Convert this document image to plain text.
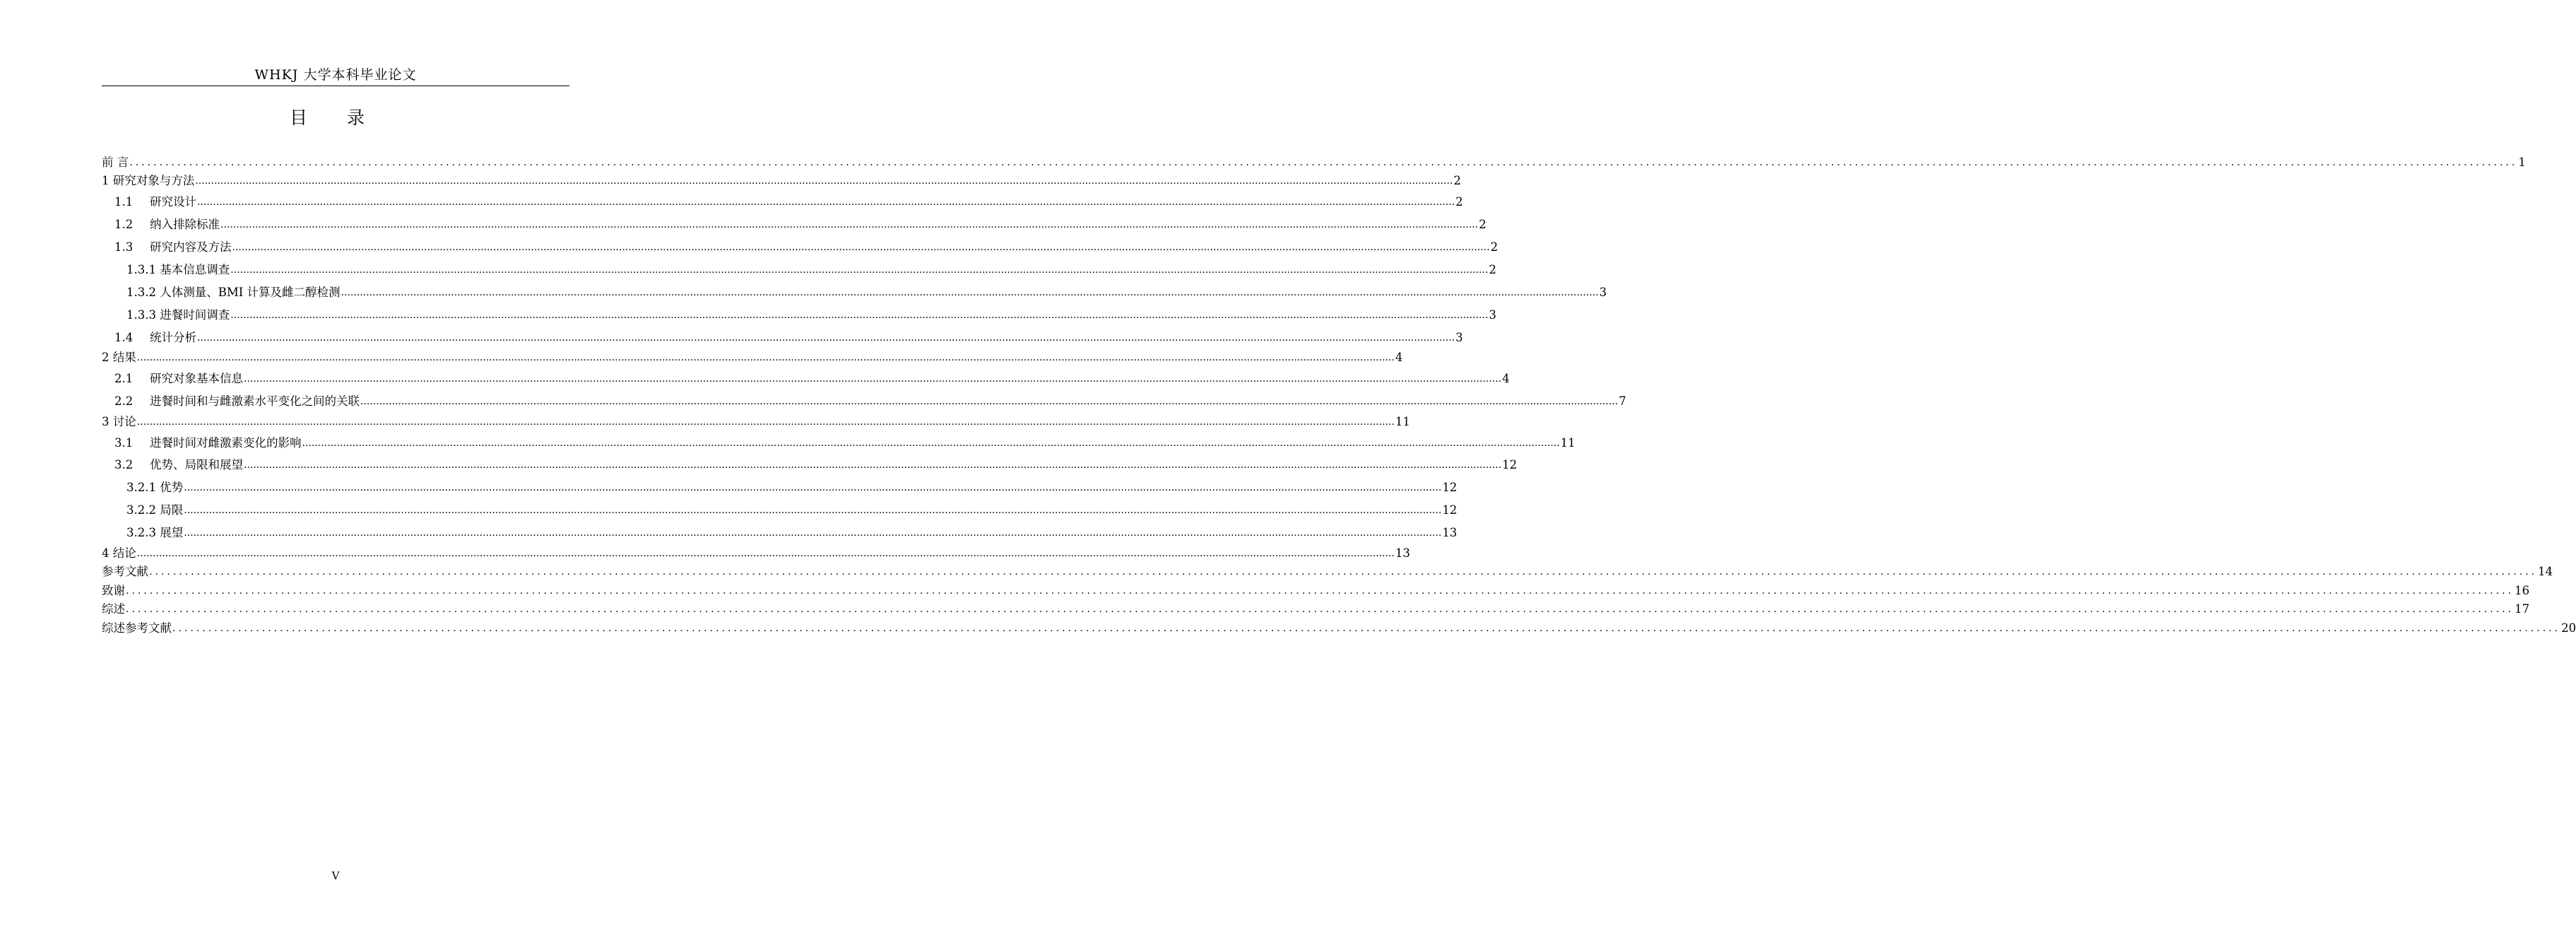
WHKJ 大学本科毕业论文
目 录
前 言 ................................................................................................................................................................................................................................................................................................................................................................................................................ 1
1 研究对象与方法 ................................................................................................................................................................................................................................................................................................................................................................................................................ 2
1.1 研究设计 ................................................................................................................................................................................................................................................................................................................................................................................................................ 2
1.2 纳入排除标准 ................................................................................................................................................................................................................................................................................................................................................................................................................ 2
1.3 研究内容及方法 ................................................................................................................................................................................................................................................................................................................................................................................................................ 2
1.3.1 基本信息调查 ................................................................................................................................................................................................................................................................................................................................................................................................................ 2
1.3.2 人体测量、BMI 计算及雌二醇检测 ................................................................................................................................................................................................................................................................................................................................................................................................................ 3
1.3.3 进餐时间调查 ................................................................................................................................................................................................................................................................................................................................................................................................................ 3
1.4 统计分析 ................................................................................................................................................................................................................................................................................................................................................................................................................ 3
2 结果 ................................................................................................................................................................................................................................................................................................................................................................................................................ 4
2.1 研究对象基本信息 ................................................................................................................................................................................................................................................................................................................................................................................................................ 4
2.2 进餐时间和与雌激素水平变化之间的关联 ................................................................................................................................................................................................................................................................................................................................................................................................................ 7
3 讨论 ................................................................................................................................................................................................................................................................................................................................................................................................................ 11
3.1 进餐时间对雌激素变化的影响 ................................................................................................................................................................................................................................................................................................................................................................................................................ 11
3.2 优势、局限和展望 ................................................................................................................................................................................................................................................................................................................................................................................................................ 12
3.2.1 优势 ................................................................................................................................................................................................................................................................................................................................................................................................................ 12
3.2.2 局限 ................................................................................................................................................................................................................................................................................................................................................................................................................ 12
3.2.3 展望 ................................................................................................................................................................................................................................................................................................................................................................................................................ 13
4 结论 ................................................................................................................................................................................................................................................................................................................................................................................................................ 13
参考文献 ................................................................................................................................................................................................................................................................................................................................................................................................................ 14
致谢 ................................................................................................................................................................................................................................................................................................................................................................................................................ 16
综述 ................................................................................................................................................................................................................................................................................................................................................................................................................ 17
综述参考文献 ................................................................................................................................................................................................................................................................................................................................................................................................................ 20
V
